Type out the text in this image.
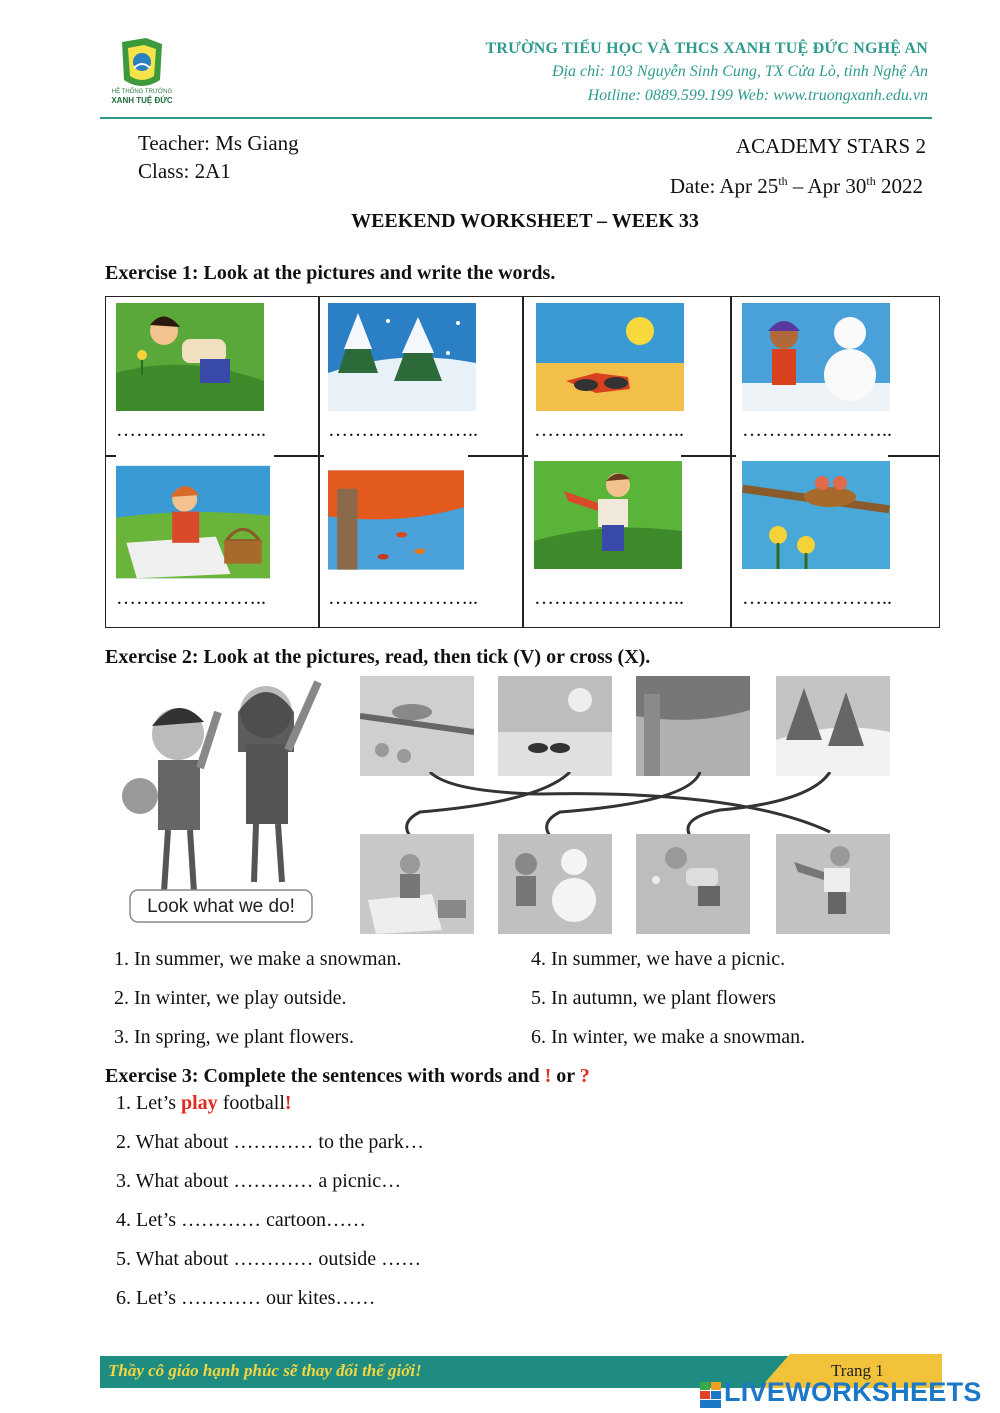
HỆ THỐNG TRƯỜNG
XANH TUỆ ĐỨC
TRƯỜNG TIỂU HỌC VÀ THCS XANH TUỆ ĐỨC NGHỆ AN
Địa chỉ: 103 Nguyễn Sinh Cung, TX Cửa Lò, tỉnh Nghệ An
Hotline: 0889.599.199 Web: www.truongxanh.edu.vn
Teacher: Ms Giang
Class: 2A1
ACADEMY STARS 2
Date: Apr 25th – Apr 30th 2022
WEEKEND WORKSHEET – WEEK 33
Exercise 1: Look at the pictures and write the words.
…………………..	…………………..	…………………..	…………………..
…………………..	…………………..	…………………..	…………………..
Exercise 2: Look at the pictures, read, then tick (V) or cross (X).
Look what we do!
1. In summer, we make a snowman.
2. In winter, we play outside.
3. In spring, we plant flowers.
4. In summer, we have a picnic.
5. In autumn, we plant flowers
6. In winter, we make a snowman.
Exercise 3: Complete the sentences with words and ! or ?
1. Let’s play football!
2. What about ………… to the park…
3. What about ………… a picnic…
4. Let’s ………… cartoon……
5. What about ………… outside ……
6. Let’s ………… our kites……
Thầy cô giáo hạnh phúc sẽ thay đổi thế giới!	Trang 1
LIVEWORKSHEETS
